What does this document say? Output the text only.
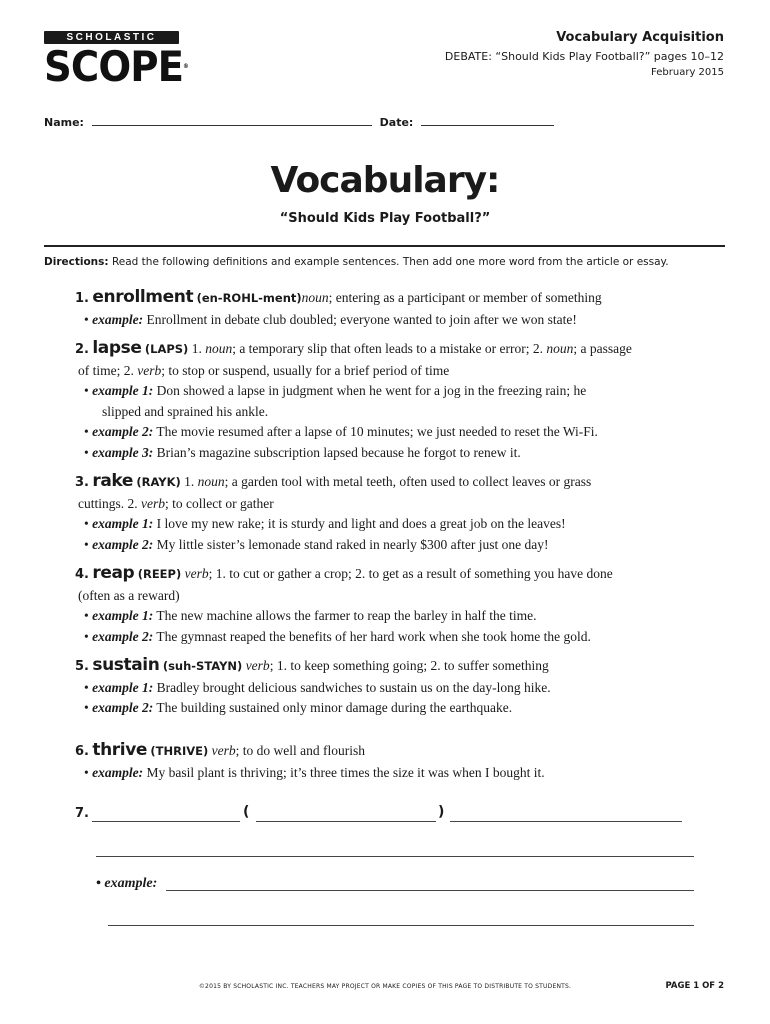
SCHOLASTIC
SCOPE®
Vocabulary Acquisition
DEBATE: “Should Kids Play Football?” pages 10–12
February 2015
Name:	Date:
Vocabulary:
“Should Kids Play Football?”
Directions: Read the following definitions and example sentences. Then add one more word from the article or essay.
1. enrollment (en-ROHL-ment)noun; entering as a participant or member of something
• example: Enrollment in debate club doubled; everyone wanted to join after we won state!
2. lapse (LAPS) 1. noun; a temporary slip that often leads to a mistake or error; 2. noun; a passage
of time; 2. verb; to stop or suspend, usually for a brief period of time
• example 1: Don showed a lapse in judgment when he went for a jog in the freezing rain; he
slipped and sprained his ankle.
• example 2: The movie resumed after a lapse of 10 minutes; we just needed to reset the Wi-Fi.
• example 3: Brian’s magazine subscription lapsed because he forgot to renew it.
3. rake (RAYK) 1. noun; a garden tool with metal teeth, often used to collect leaves or grass
cuttings. 2. verb; to collect or gather
• example 1: I love my new rake; it is sturdy and light and does a great job on the leaves!
• example 2: My little sister’s lemonade stand raked in nearly $300 after just one day!
4. reap (REEP) verb; 1. to cut or gather a crop; 2. to get as a result of something you have done
(often as a reward)
• example 1: The new machine allows the farmer to reap the barley in half the time.
• example 2: The gymnast reaped the benefits of her hard work when she took home the gold.
5. sustain (suh-STAYN) verb; 1. to keep something going; 2. to suffer something
• example 1: Bradley brought delicious sandwiches to sustain us on the day-long hike.
• example 2: The building sustained only minor damage during the earthquake.
6. thrive (THRIVE) verb; to do well and flourish
• example: My basil plant is thriving; it’s three times the size it was when I bought it.
7.	(	)
• example:
©2015 BY SCHOLASTIC INC. TEACHERS MAY PROJECT OR MAKE COPIES OF THIS PAGE TO DISTRIBUTE TO STUDENTS.	PAGE 1 OF 2
